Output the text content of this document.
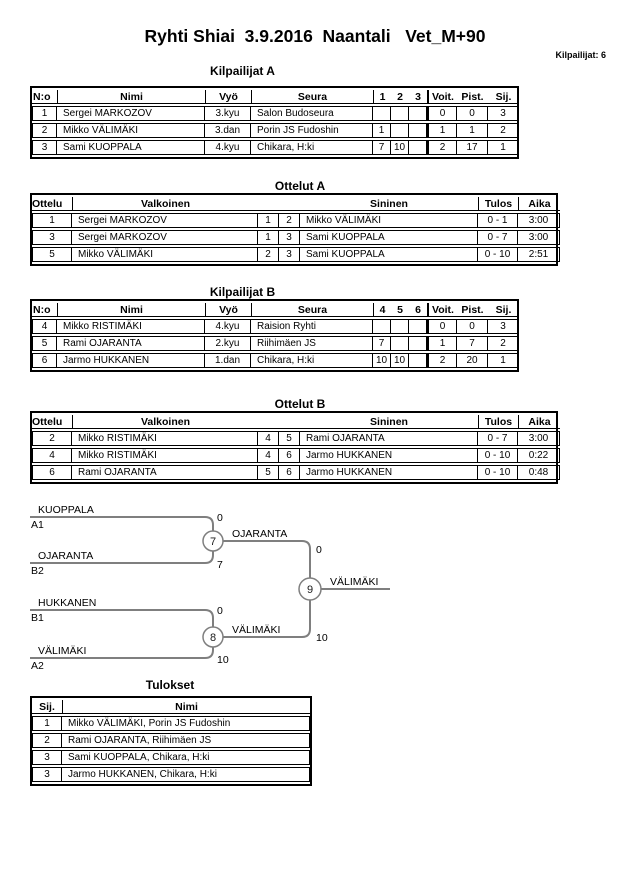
Ryhti Shiai  3.9.2016  Naantali   Vet_M+90
Kilpailijat: 6
Kilpailijat A
N:o	Nimi	Vyö	Seura	1	2	3	Voit.	Pist.	Sij.
1	Sergei MARKOZOV	3.kyu	Salon Budoseura				0	0	3
2	Mikko VÄLIMÄKI	3.dan	Porin JS Fudoshin	1			1	1	2
3	Sami KUOPPALA	4.kyu	Chikara, H:ki	7	10		2	17	1
Ottelut A
Ottelu	Valkoinen			Sininen	Tulos	Aika
1	Sergei MARKOZOV	1	2	Mikko VÄLIMÄKI	0 - 1	3:00
3	Sergei MARKOZOV	1	3	Sami KUOPPALA	0 - 7	3:00
5	Mikko VÄLIMÄKI	2	3	Sami KUOPPALA	0 - 10	2:51
Kilpailijat B
N:o	Nimi	Vyö	Seura	4	5	6	Voit.	Pist.	Sij.
4	Mikko RISTIMÄKI	4.kyu	Raision Ryhti				0	0	3
5	Rami OJARANTA	2.kyu	Riihimäen JS	7			1	7	2
6	Jarmo HUKKANEN	1.dan	Chikara, H:ki	10	10		2	20	1
Ottelut B
Ottelu	Valkoinen			Sininen	Tulos	Aika
2	Mikko RISTIMÄKI	4	5	Rami OJARANTA	0 - 7	3:00
4	Mikko RISTIMÄKI	4	6	Jarmo HUKKANEN	0 - 10	0:22
6	Rami OJARANTA	5	6	Jarmo HUKKANEN	0 - 10	0:48
7
8
9
KUOPPALA
A1
0
OJARANTA
B2	7
OJARANTA
0
HUKKANEN
B1
0
VÄLIMÄKI
A2	10
VÄLIMÄKI
10
VÄLIMÄKI
Tulokset
Sij.	Nimi
1	Mikko VÄLIMÄKI, Porin JS Fudoshin
2	Rami OJARANTA, Riihimäen JS
3	Sami KUOPPALA, Chikara, H:ki
3	Jarmo HUKKANEN, Chikara, H:ki
